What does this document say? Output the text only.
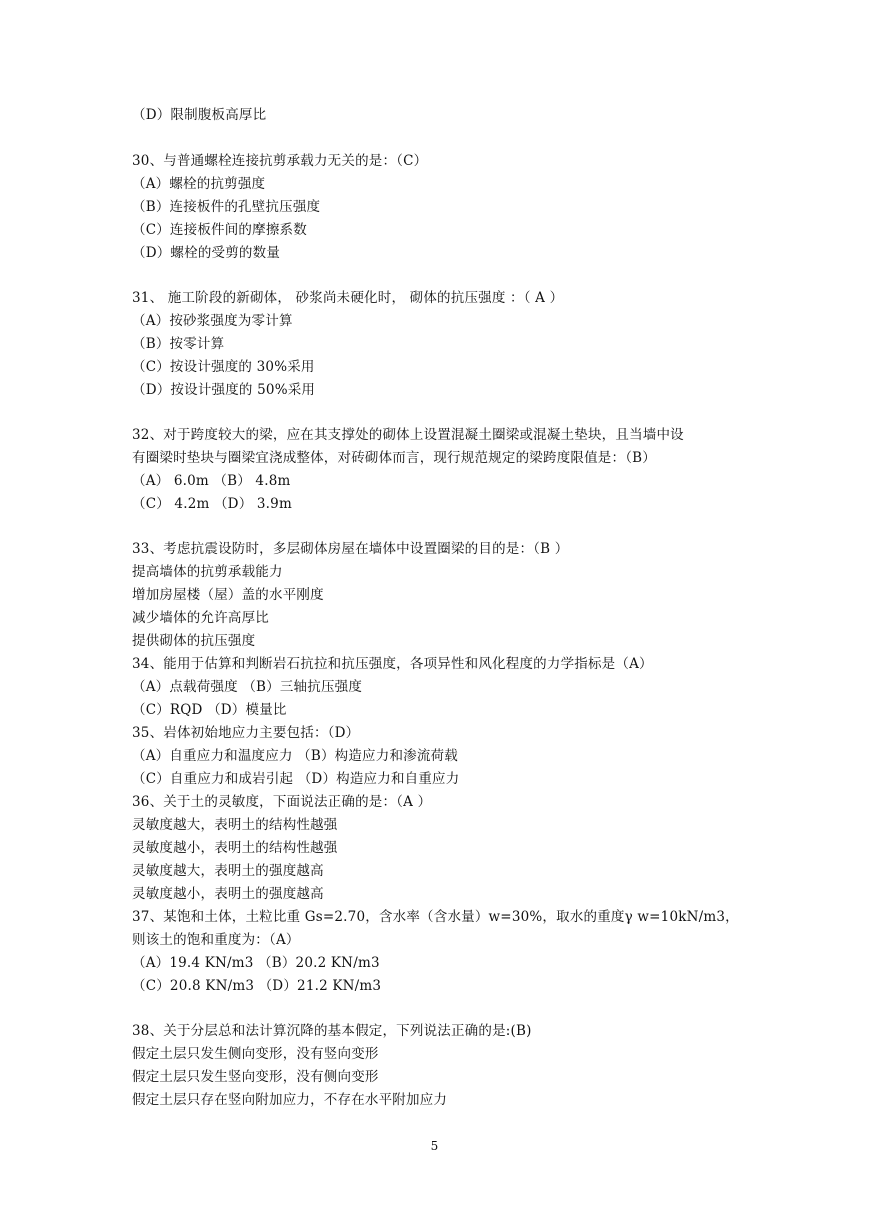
（D）限制腹板高厚比
30、与普通螺栓连接抗剪承载力无关的是：（C）
（A）螺栓的抗剪强度
（B）连接板件的孔壁抗压强度
（C）连接板件间的摩擦系数
（D）螺栓的受剪的数量
31、 施工阶段的新砌体， 砂浆尚未硬化时， 砌体的抗压强度 ：（ A ）
（A）按砂浆强度为零计算
（B）按零计算
（C）按设计强度的 30%采用
（D）按设计强度的 50%采用
32、对于跨度较大的梁，应在其支撑处的砌体上设置混凝土圈梁或混凝土垫块，且当墙中设
有圈梁时垫块与圈梁宜浇成整体，对砖砌体而言，现行规范规定的梁跨度限值是：（B）
（A） 6.0m （B） 4.8m
（C） 4.2m （D） 3.9m
33、考虑抗震设防时，多层砌体房屋在墙体中设置圈梁的目的是：（B ）
提高墙体的抗剪承载能力
增加房屋楼（屋）盖的水平刚度
减少墙体的允许高厚比
提供砌体的抗压强度
34、能用于估算和判断岩石抗拉和抗压强度，各项异性和风化程度的力学指标是（A）
（A）点载荷强度 （B）三轴抗压强度
（C）RQD （D）模量比
35、岩体初始地应力主要包括：（D）
（A）自重应力和温度应力 （B）构造应力和渗流荷载
（C）自重应力和成岩引起 （D）构造应力和自重应力
36、关于土的灵敏度，下面说法正确的是：（A ）
灵敏度越大，表明土的结构性越强
灵敏度越小，表明土的结构性越强
灵敏度越大，表明土的强度越高
灵敏度越小，表明土的强度越高
37、某饱和土体，土粒比重 Gs=2.70，含水率（含水量）w=30%，取水的重度γ w=10kN/m3，
则该土的饱和重度为：（A）
（A）19.4 KN/m3 （B）20.2 KN/m3
（C）20.8 KN/m3 （D）21.2 KN/m3
38、关于分层总和法计算沉降的基本假定，下列说法正确的是:(B)
假定土层只发生侧向变形，没有竖向变形
假定土层只发生竖向变形，没有侧向变形
假定土层只存在竖向附加应力，不存在水平附加应力
5
